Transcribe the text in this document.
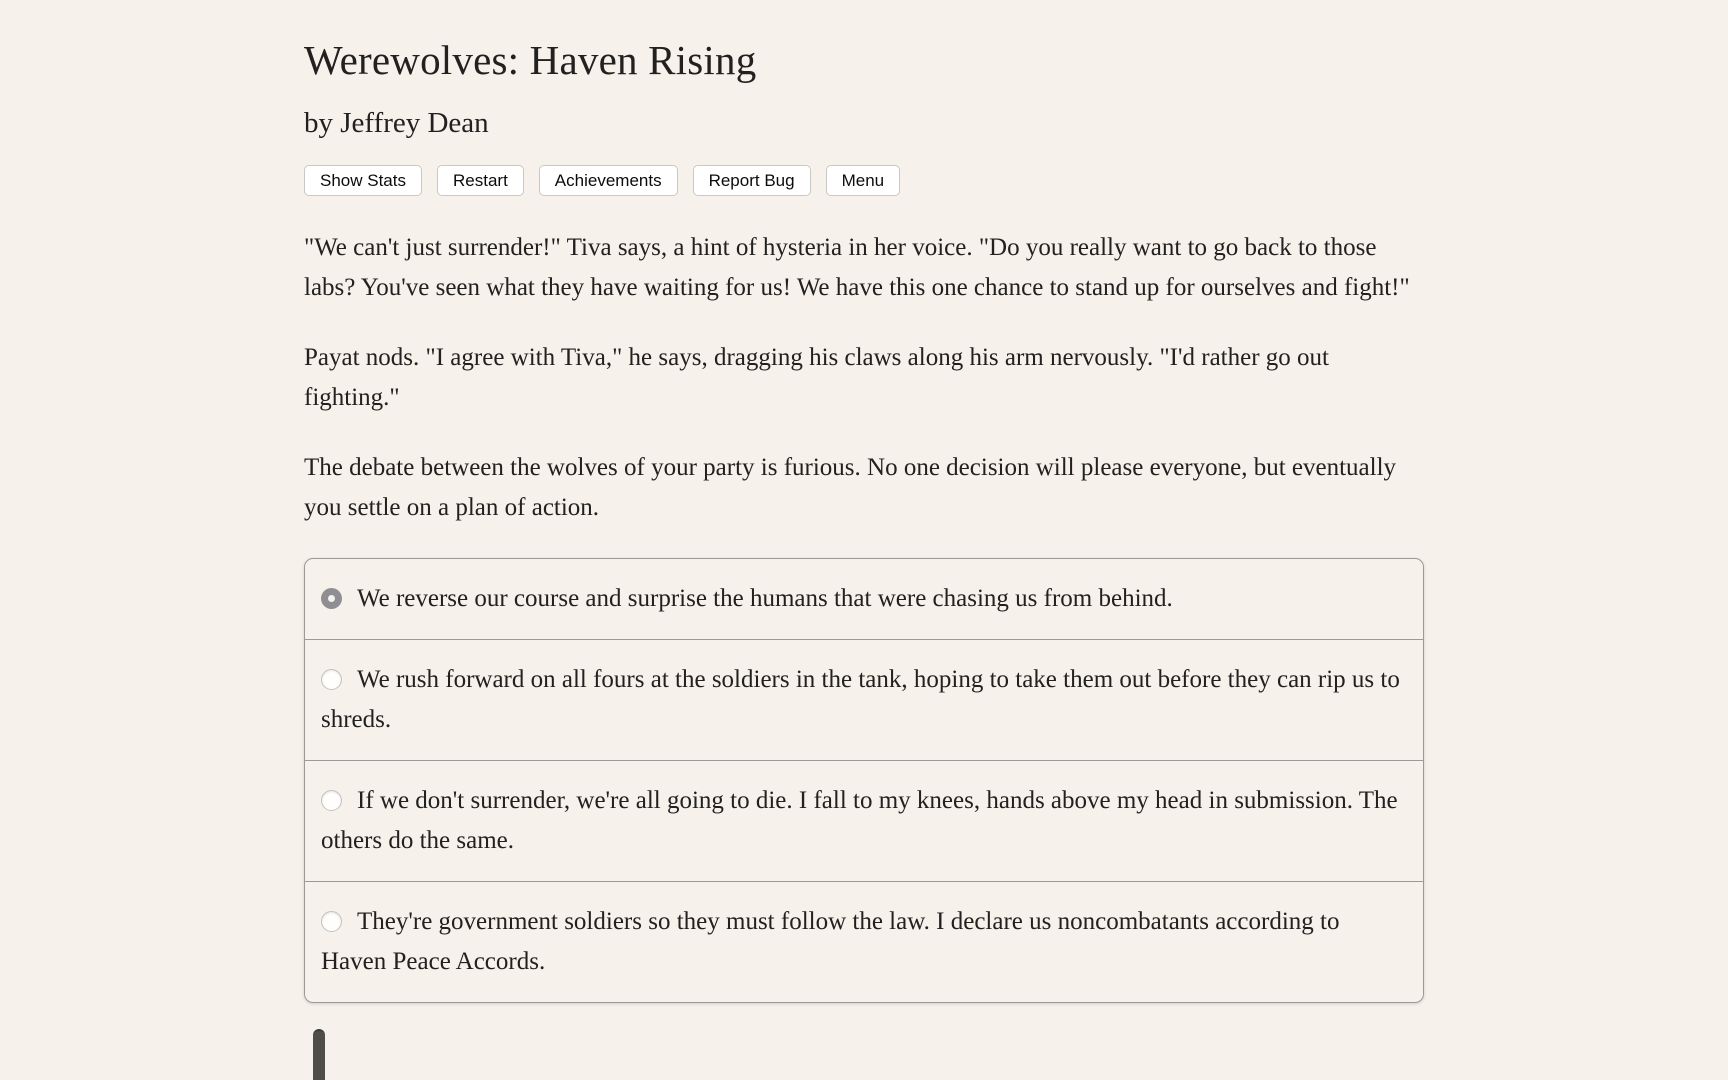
Werewolves: Haven Rising
by Jeffrey Dean
Show Stats	Restart	Achievements	Report Bug	Menu

"We can't just surrender!" Tiva says, a hint of hysteria in her voice. "Do you really want to go back to those labs? You've seen what they have waiting for us! We have this one chance to stand up for ourselves and fight!"

Payat nods. "I agree with Tiva," he says, dragging his claws along his arm nervously. "I'd rather go out fighting."

The debate between the wolves of your party is furious. No one decision will please everyone, but eventually you settle on a plan of action.

We reverse our course and surprise the humans that were chasing us from behind.
We rush forward on all fours at the soldiers in the tank, hoping to take them out before they can rip us to shreds.
If we don't surrender, we're all going to die. I fall to my knees, hands above my head in submission. The others do the same.
They're government soldiers so they must follow the law. I declare us noncombatants according to Haven Peace Accords.
